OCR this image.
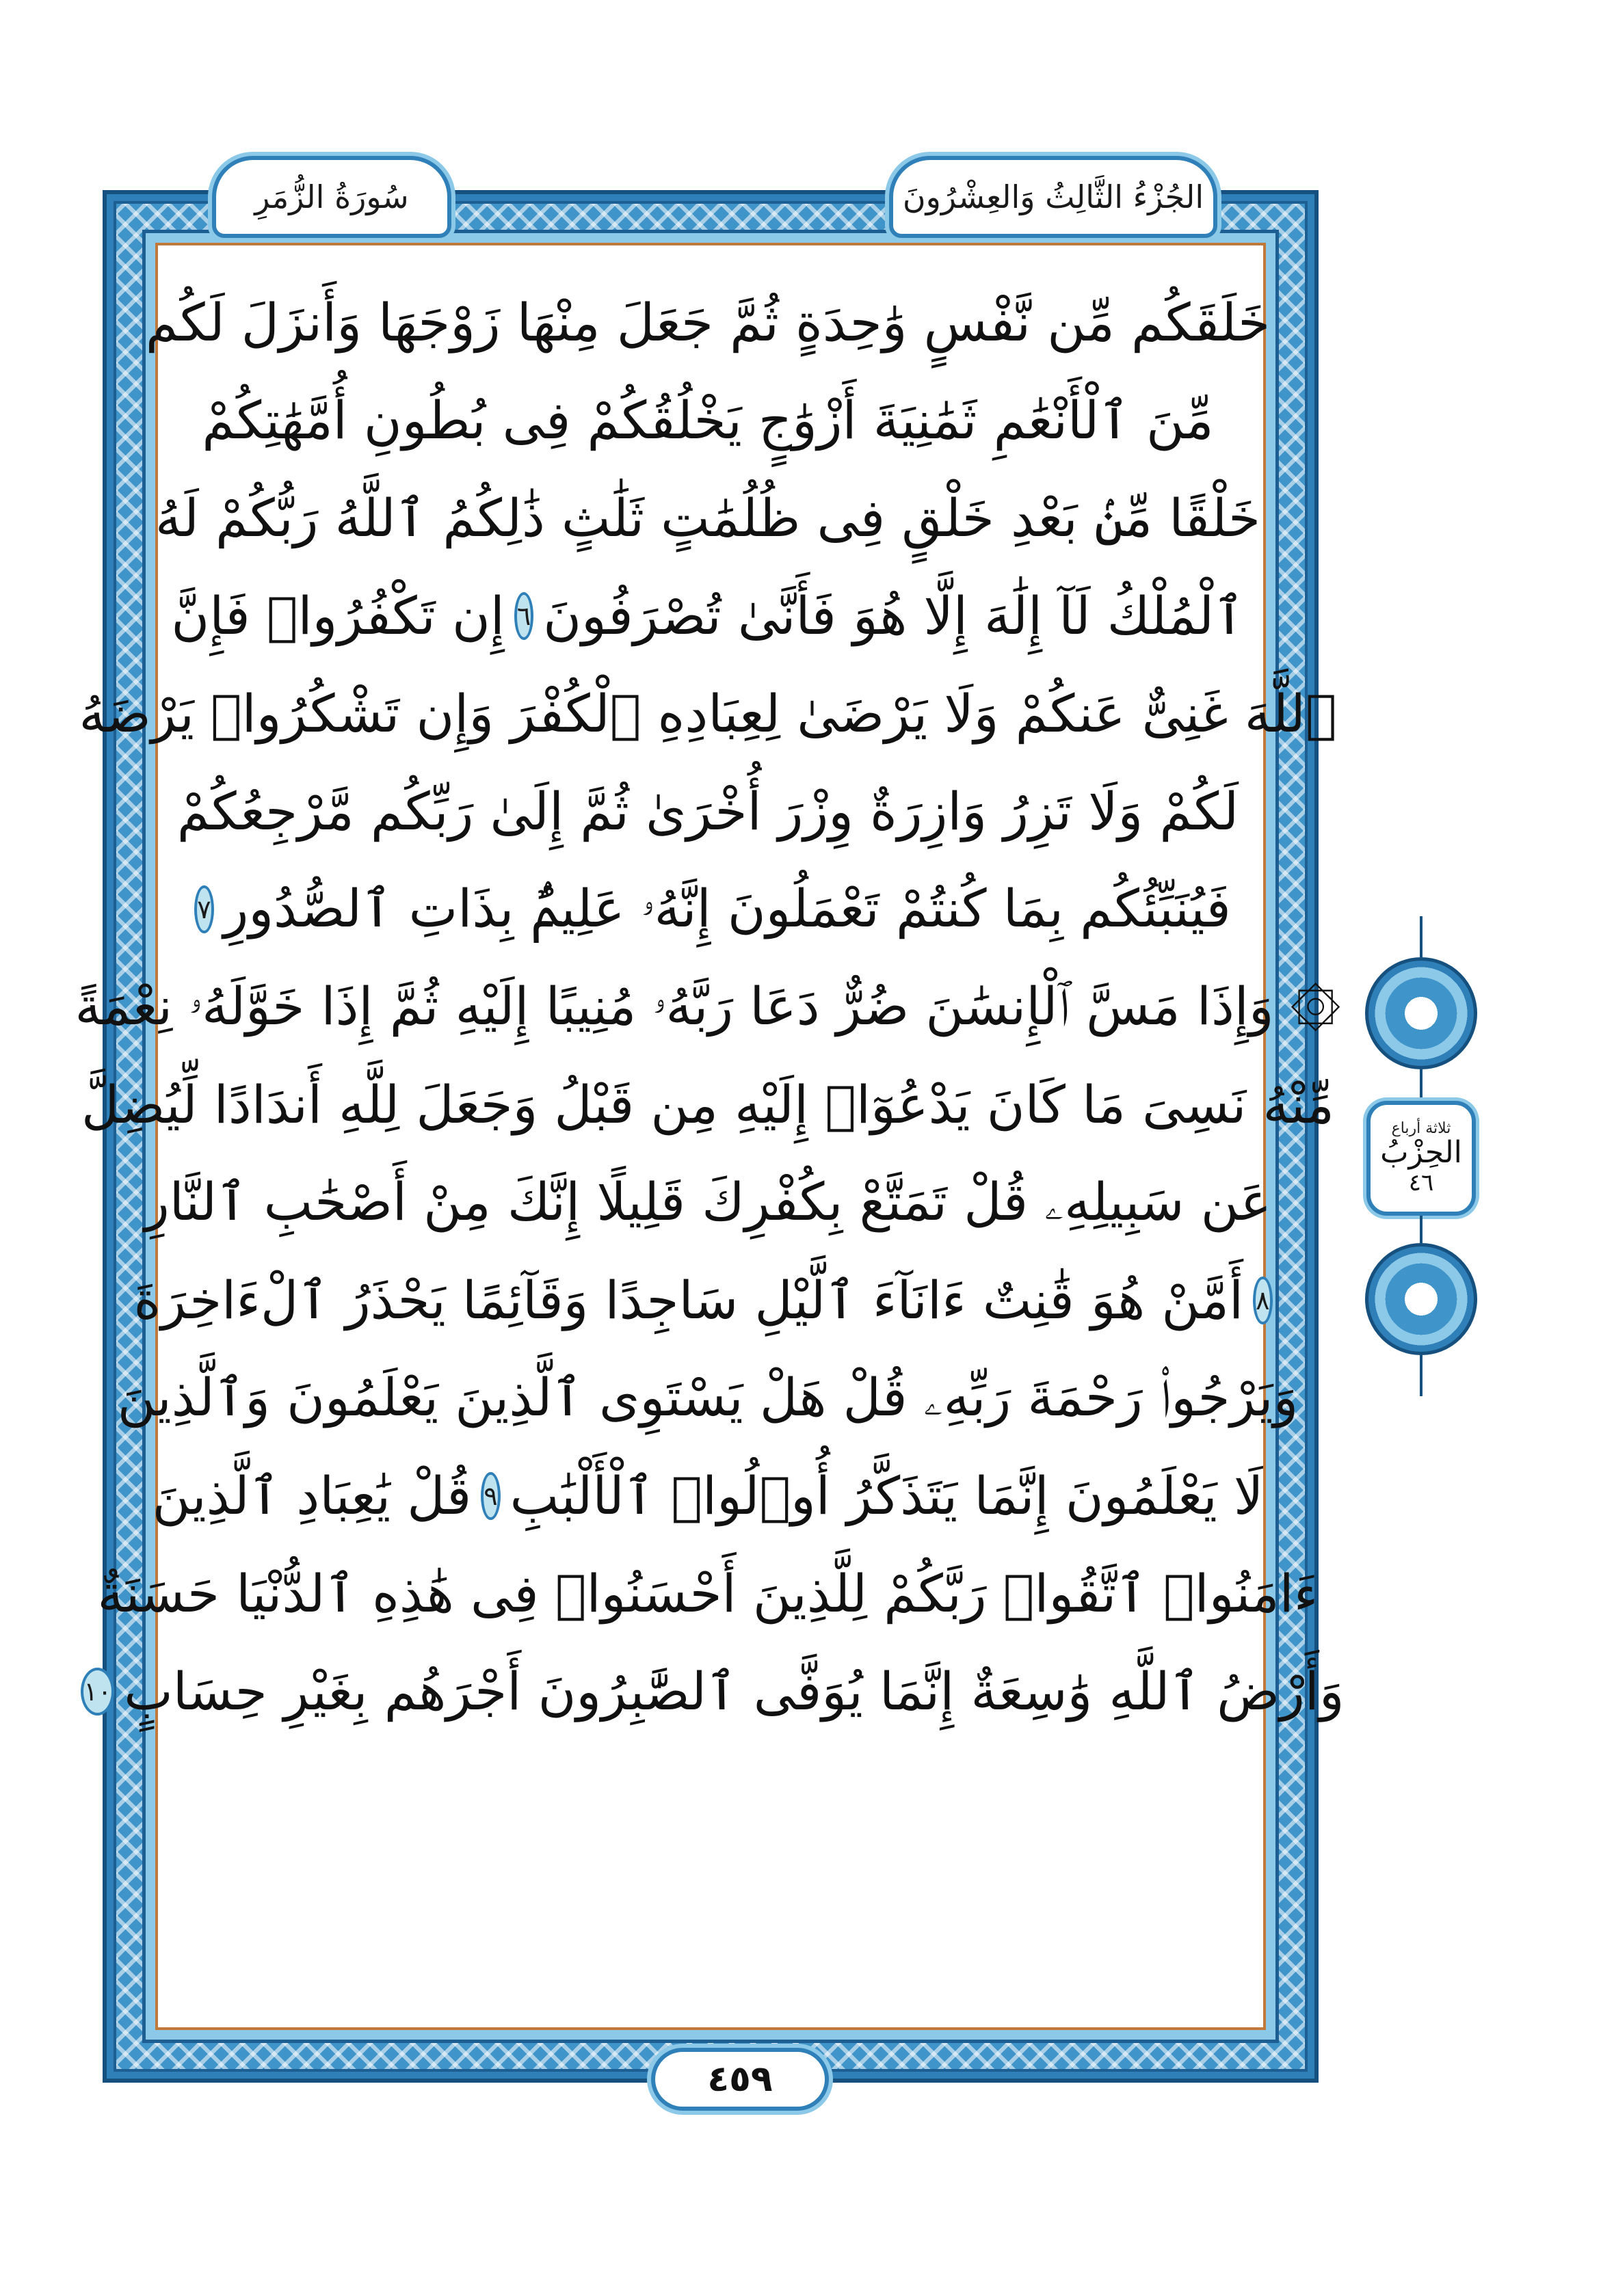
سُورَةُ الزُّمَرِ	الجُزْءُ الثَّالِثُ وَالعِشْرُونَ
خَلَقَكُم مِّن نَّفْسٍ وَٰحِدَةٍ ثُمَّ جَعَلَ مِنْهَا زَوْجَهَا وَأَنزَلَ لَكُم
مِّنَ ٱلْأَنْعَٰمِ ثَمَٰنِيَةَ أَزْوَٰجٍ يَخْلُقُكُمْ فِى بُطُونِ أُمَّهَٰتِكُمْ
خَلْقًا مِّنۢ بَعْدِ خَلْقٍ فِى ظُلُمَٰتٍ ثَلَٰثٍ ذَٰلِكُمُ ٱللَّهُ رَبُّكُمْ لَهُ
ٱلْمُلْكُ لَآ إِلَٰهَ إِلَّا هُوَ فَأَنَّىٰ تُصْرَفُونَ
٦
إِن تَكْفُرُوا۟ فَإِنَّ
ٱللَّهَ غَنِىٌّ عَنكُمْ وَلَا يَرْضَىٰ لِعِبَادِهِ ٱلْكُفْرَ وَإِن تَشْكُرُوا۟ يَرْضَهُ
لَكُمْ وَلَا تَزِرُ وَازِرَةٌ وِزْرَ أُخْرَىٰ ثُمَّ إِلَىٰ رَبِّكُم مَّرْجِعُكُمْ
فَيُنَبِّئُكُم بِمَا كُنتُمْ تَعْمَلُونَ إِنَّهُۥ عَلِيمٌۢ بِذَاتِ ٱلصُّدُورِ
٧
۞ وَإِذَا مَسَّ ٱلْإِنسَٰنَ ضُرٌّ دَعَا رَبَّهُۥ مُنِيبًا إِلَيْهِ ثُمَّ إِذَا خَوَّلَهُۥ نِعْمَةً
مِّنْهُ نَسِىَ مَا كَانَ يَدْعُوٓا۟ إِلَيْهِ مِن قَبْلُ وَجَعَلَ لِلَّهِ أَندَادًا لِّيُضِلَّ
عَن سَبِيلِهِۦ قُلْ تَمَتَّعْ بِكُفْرِكَ قَلِيلًا إِنَّكَ مِنْ أَصْحَٰبِ ٱلنَّارِ
٨
أَمَّنْ هُوَ قَٰنِتٌ ءَانَآءَ ٱلَّيْلِ سَاجِدًا وَقَآئِمًا يَحْذَرُ ٱلْءَاخِرَةَ
وَيَرْجُوا۟ رَحْمَةَ رَبِّهِۦ قُلْ هَلْ يَسْتَوِى ٱلَّذِينَ يَعْلَمُونَ وَٱلَّذِينَ
لَا يَعْلَمُونَ إِنَّمَا يَتَذَكَّرُ أُو۟لُوا۟ ٱلْأَلْبَٰبِ
٩
قُلْ يَٰعِبَادِ ٱلَّذِينَ
ءَامَنُوا۟ ٱتَّقُوا۟ رَبَّكُمْ لِلَّذِينَ أَحْسَنُوا۟ فِى هَٰذِهِ ٱلدُّنْيَا حَسَنَةٌ
وَأَرْضُ ٱللَّهِ وَٰسِعَةٌ إِنَّمَا يُوَفَّى ٱلصَّٰبِرُونَ أَجْرَهُم بِغَيْرِ حِسَابٍ
١٠
٤٥٩
ثلاثة أرباع
الحِزْبُ
٤٦
